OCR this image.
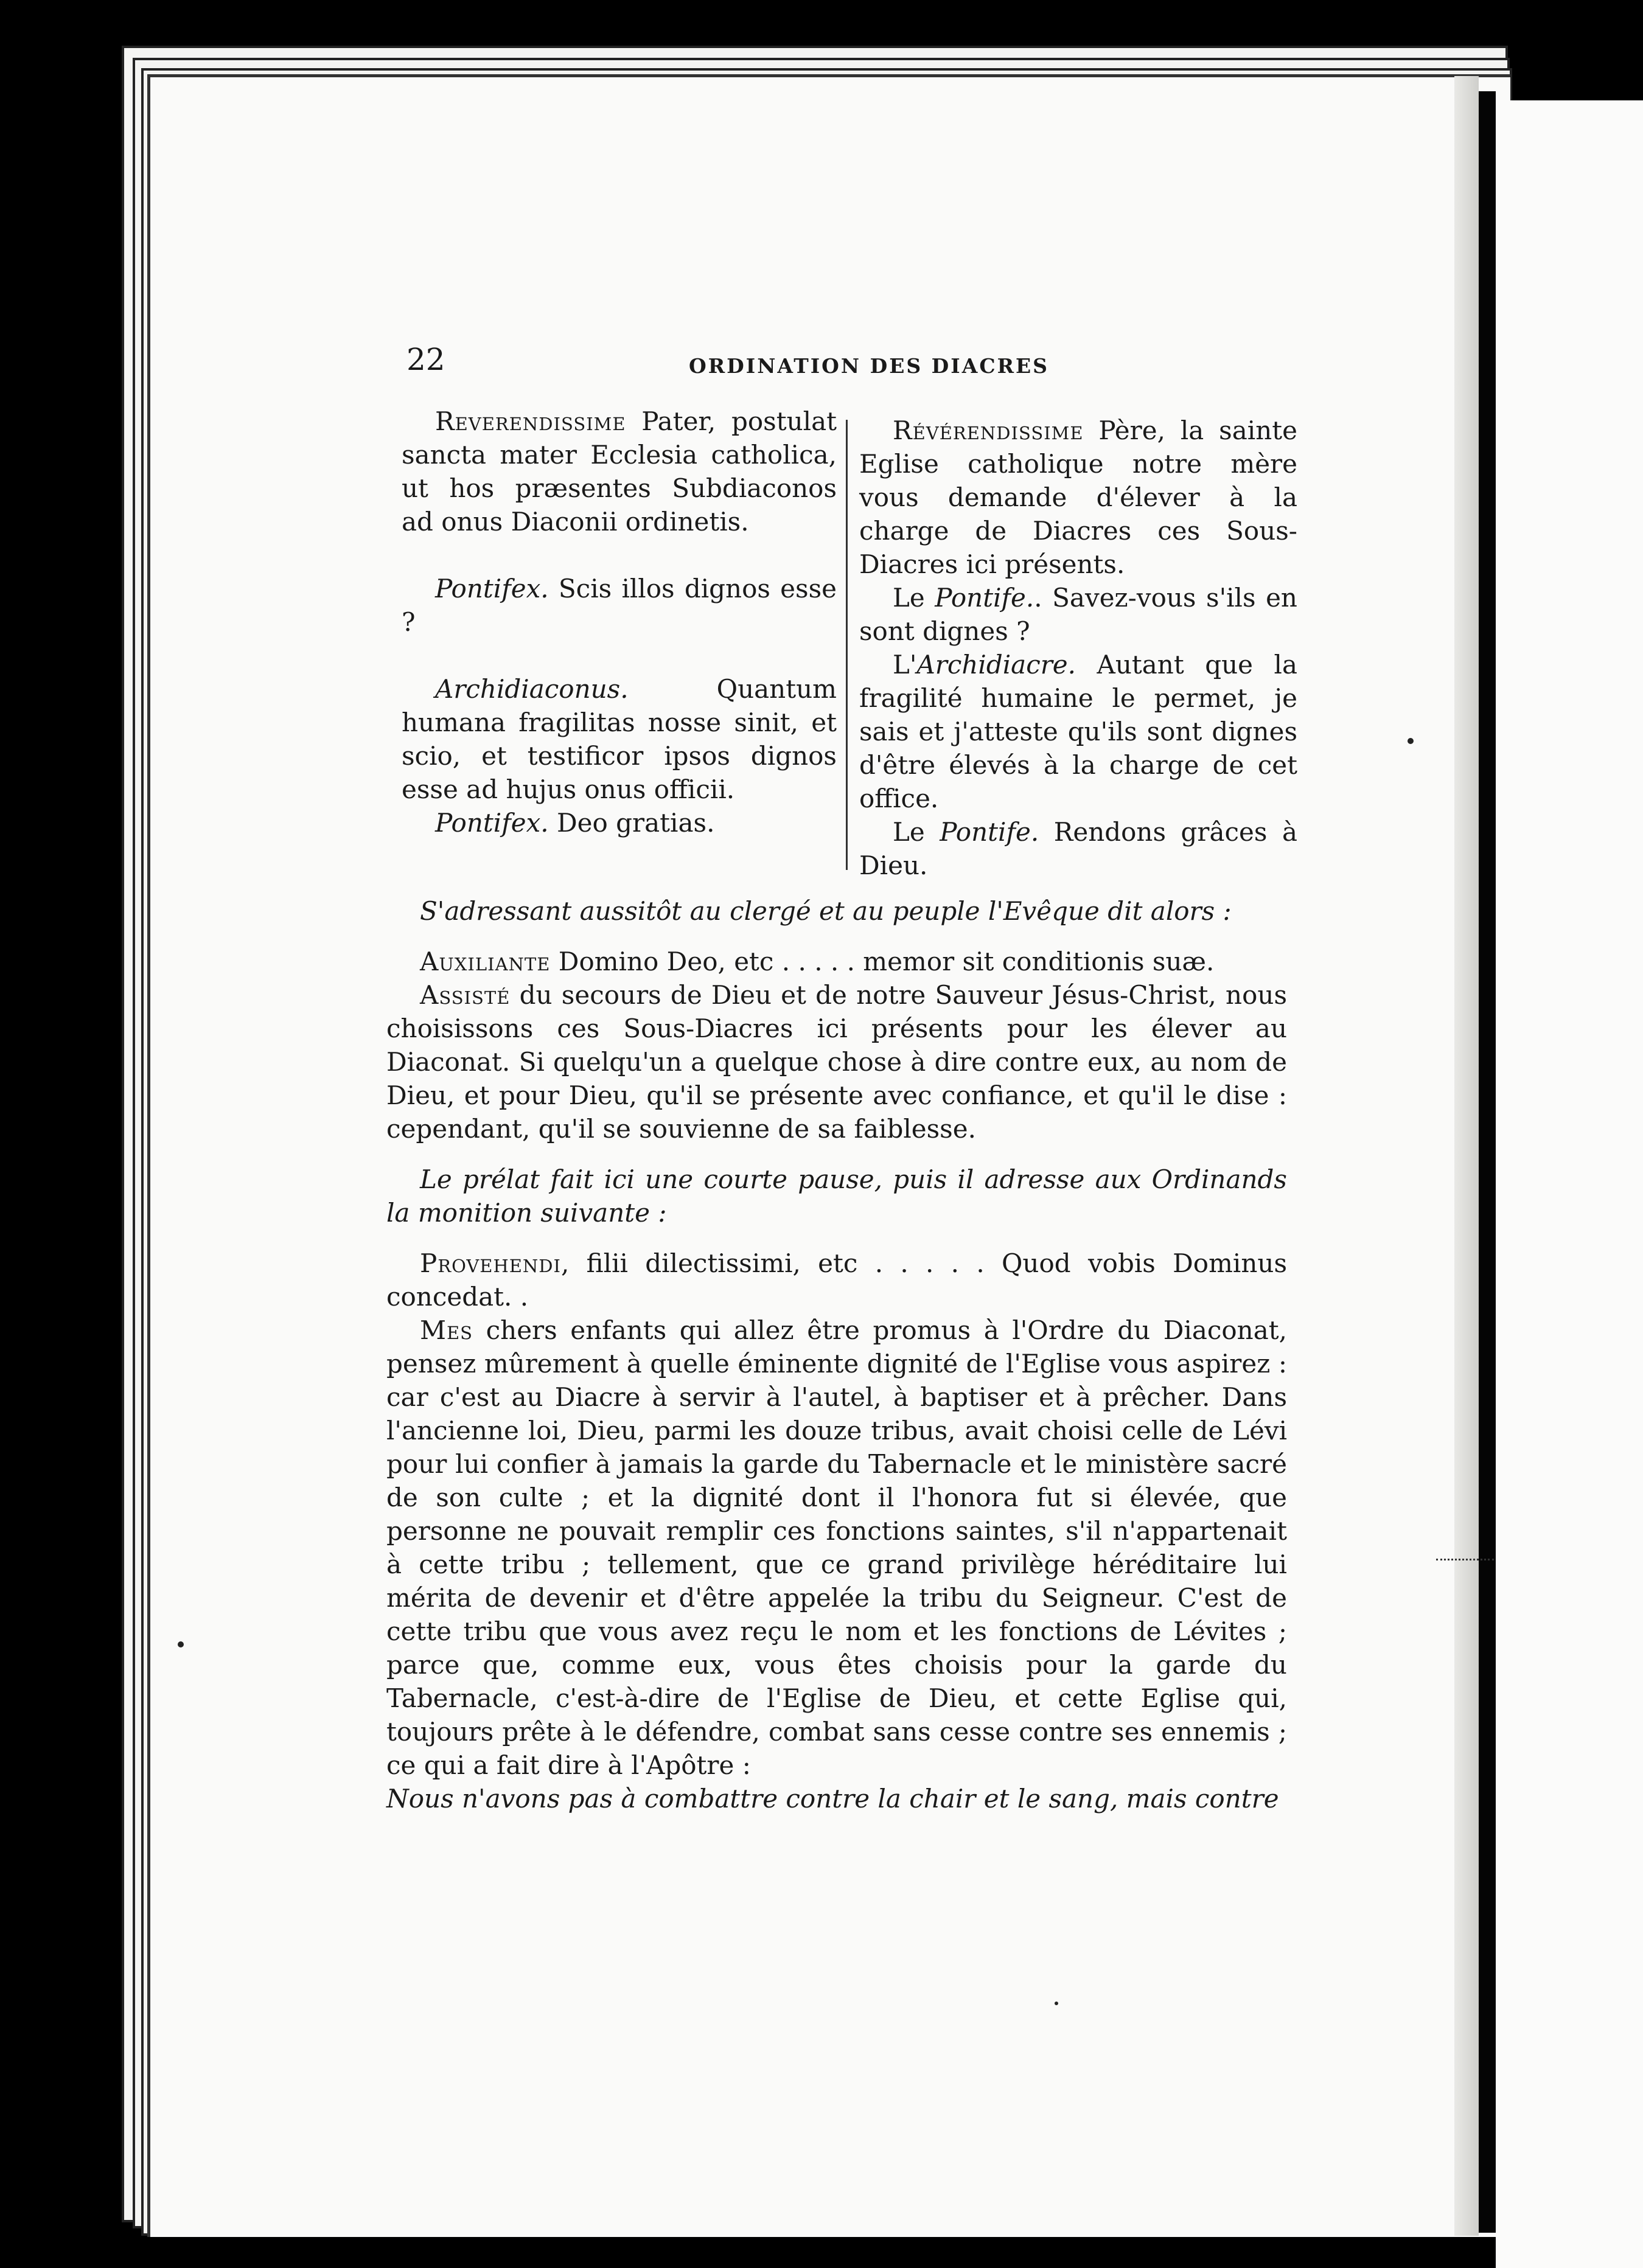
22	ORDINATION DES DIACRES

Reverendissime Pater, postulat sancta mater Ecclesia catholica, ut hos præsentes Subdiaconos ad onus Diaconii ordinetis.

Pontifex. Scis illos dignos esse ?

Archidiaconus. Quantum humana fragilitas nosse sinit, et scio, et testificor ipsos dignos esse ad hujus onus officii.

Pontifex. Deo gratias.

Révérendissime Père, la sainte Eglise catholique notre mère vous demande d'élever à la charge de Diacres ces Sous-Diacres ici présents.

Le Pontife.. Savez-vous s'ils en sont dignes ?

L'Archidiacre. Autant que la fragilité humaine le permet, je sais et j'atteste qu'ils sont dignes d'être élevés à la charge de cet office.

Le Pontife. Rendons grâces à Dieu.

S'adressant aussitôt au clergé et au peuple l'Evêque dit alors :

Auxiliante Domino Deo, etc . . . . . memor sit conditionis suæ.

Assisté du secours de Dieu et de notre Sauveur Jésus-Christ, nous choisissons ces Sous-Diacres ici présents pour les élever au Diaconat. Si quelqu'un a quelque chose à dire contre eux, au nom de Dieu, et pour Dieu, qu'il se présente avec confiance, et qu'il le dise : cependant, qu'il se souvienne de sa faiblesse.

Le prélat fait ici une courte pause, puis il adresse aux Ordinands la monition suivante :

Provehendi, filii dilectissimi, etc . . . . . Quod vobis Dominus concedat. .

Mes chers enfants qui allez être promus à l'Ordre du Diaconat, pensez mûrement à quelle éminente dignité de l'Eglise vous aspirez : car c'est au Diacre à servir à l'autel, à baptiser et à prêcher. Dans l'ancienne loi, Dieu, parmi les douze tribus, avait choisi celle de Lévi pour lui confier à jamais la garde du Tabernacle et le ministère sacré de son culte ; et la dignité dont il l'honora fut si élevée, que personne ne pouvait remplir ces fonctions saintes, s'il n'appartenait à cette tribu ; tellement, que ce grand privilège héréditaire lui mérita de devenir et d'être appelée la tribu du Seigneur. C'est de cette tribu que vous avez reçu le nom et les fonctions de Lévites ; parce que, comme eux, vous êtes choisis pour la garde du Tabernacle, c'est-à-dire de l'Eglise de Dieu, et cette Eglise qui, toujours prête à le défendre, combat sans cesse contre ses ennemis ; ce qui a fait dire à l'Apôtre :
Nous n'avons pas à combattre contre la chair et le sang, mais contre
